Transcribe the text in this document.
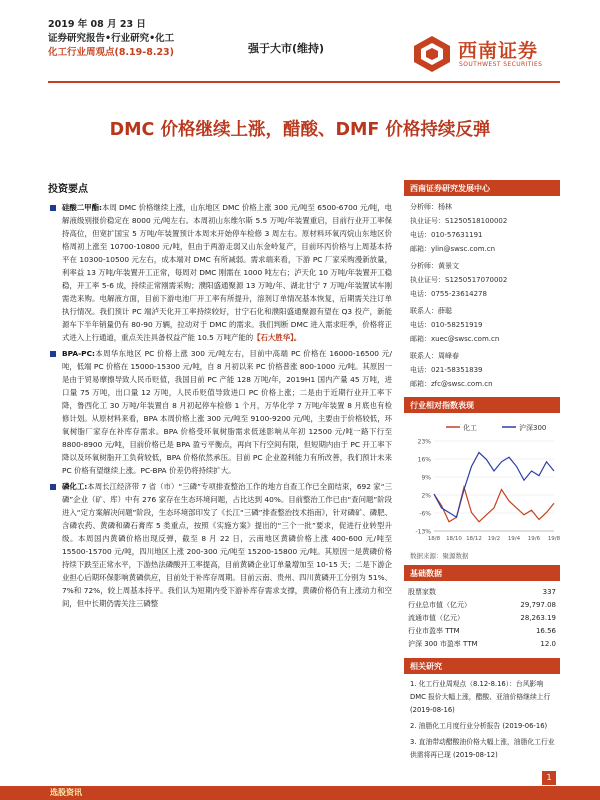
2019 年 08 月 23 日
证券研究报告•行业研究•化工
化工行业周观点(8.19-8.23)	强于大市(维持)	西南证券
SOUTHWEST SECURITIES
DMC 价格继续上涨，醋酸、DMF 价格持续反弹
投资要点
硅酸二甲酯:本周 DMC 价格继续上涨，山东地区 DMC 价格上涨 300 元/吨至 6500-6700 元/吨，电解液级别报价稳定在 8000 元/吨左右。本周初山东维尔斯 5.5 万吨/年装置重启，目前行业开工率保持高位，但宽扩国宝 5 万吨/年装置预计本周末开始停车检修 3 周左右。原材料环氧丙烷山东地区价格周初上涨至 10700-10800 元/吨，但由于两游走弱又山东金岭复产，目前环丙价格与上周基本持平在 10300-10500 元左右，成本端对 DMC 有所减弱。需求端来看，下游 PC 厂家采购漫新放量，利率益 13 万吨/年装置开工正常，每周对 DMC 刚需在 1000 吨左右；泸天化 10 万吨/年装置开工稳稳，开工率 5-6 成，持续正常刚需采购；濮阳盛通聚源 13 万吨/年、湖北甘宁 7 万吨/年装置试车刚需迭来购。电解液方面，目前下游电池厂开工率有所提升，溶剂订单情况基本恢复，后期需关注订单执行情况。我们预计 PC 端泸天化开工率持续较好，甘宁石化和濮阳盛通聚源有望在 Q3 投产，新能源车下半年销量仍有 80-90 万辆，拉动对于 DMC 的需求。我们判断 DMC 进入需求旺季，价格将正式进入上行通道，重点关注具备权益产能 10.5 万吨产能的【石大胜华】。
BPA-PC:本周华东地区 PC 价格上涨 300 元/吨左右，目前中高端 PC 价格在 16000-16500 元/吨，低端 PC 价格在 15000-15300 元/吨，自 8 月初以来 PC 价格普涨 800-1000 元/吨。其原因一是由于贸易摩擦导致人民币贬值，我国目前 PC 产能 128 万吨/年，2019H1 国内产量 45 万吨，进口量 75 万吨，出口量 12 万吨，人民币贬值导致进口 PC 价格上涨；二是由于近期行业开工率下降，鲁西化工 30 万吨/年装置自 8 月初起停车检修 1 个月，万华化学 7 万吨/年装置 8 月底也有检修计划。从原材料来看，BPA 本周价格上涨 300 元/吨至 9100-9200 元/吨，主要由于价格较低，环氧树脂厂家存在补库存需求。BPA 价格受环氧树脂需求低迷影响从年初 12500 元/吨一路下行至 8800-8900 元/吨，目前价格已是 BPA 盈亏平衡点，再向下行空间有限，但短期内由于 PC 开工率下降以及环氧树脂开工负荷较低，BPA 价格依然承压。目前 PC 企业盈利能力有所改善，我们预计未来 PC 价格有望继续上涨。PC-BPA 价差仍将持续扩大。
磷化工:本周长江经济带 7 省（市）“三磷”专项排查整治工作的地方自查工作已全面结束，692 家“三磷”企业（矿、库）中有 276 家存在生态环境问题，占比达到 40%。目前整治工作已由“查问题”阶段进入“定方案解决问题”阶段，生态环境部印发了《长江“三磷”排查整治技术指南》，针对磷矿、磷肥、含磷农药、黄磷和磷石膏库 5 类重点，按照《实施方案》提出的“三个一批”要求，促进行业转型升级。本周国内黄磷价格出现反弹，截至 8 月 22 日，云南地区黄磷价格上涨 400-600 元/吨至 15500-15700 元/吨，四川地区上涨 200-300 元/吨至 15200-15800 元/吨。其原因一是黄磷价格持续下跌至正常水平，下游热法磷酸开工率提高，目前黄磷企业订单量增加至 10-15 天；二是下游企业担心后期环保影响黄磷供应，目前处于补库存周期。目前云南、贵州、四川黄磷开工分别为 51%、7%和 72%，较上周基本持平。我们认为短期内受下游补库存需求支撑，黄磷价格仍有上涨动力和空间，但中长期仍需关注三磷整
西南证券研究发展中心
分析师：杨林
执业证号：S1250518100002
电话：010-57631191
邮箱：ylin@swsc.com.cn
分析师：黄景文
执业证号：S1250517070002
电话：0755-23614278
联系人：薛聪
电话：010-58251919
邮箱：xuec@swsc.com.cn
联系人：周峰春
电话：021-58351839
邮箱：zfc@swsc.com.cn
行业相对指数表现
化工	沪深300
23%
16%
9%
2%
-6%
-13%
18/8 18/10 18/12 19/2 19/4 19/6 19/8
数据来源：聚源数据
基础数据
股票家数	337
行业总市值（亿元）	29,797.08
流通市值（亿元）	28,263.19
行业市盈率 TTM	16.56
沪深 300 市盈率 TTM	12.0
相关研究
1. 化工行业周观点（8.12-8.16）：台风影响 DMC 报价大幅上涨，醋酸、亚油价格继续上行 (2019-08-16)
2. 油脂化工月度行业分析报告 (2019-06-16)
3. 直油带动醋酸油价格大幅上涨，油脂化工行业供需将再已现 (2019-08-12)
1
选股资讯
